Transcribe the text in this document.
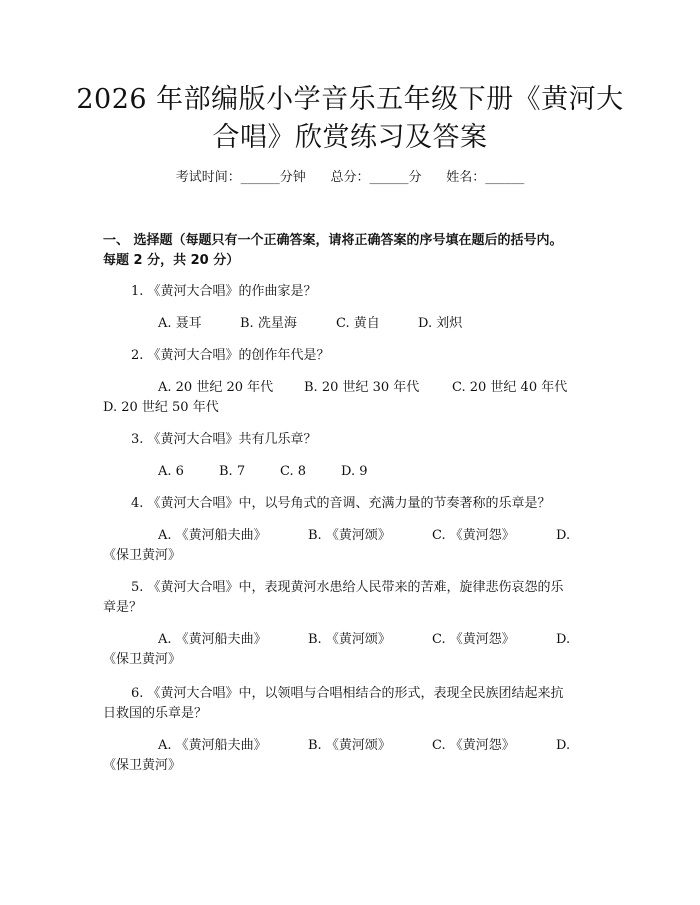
2026 年部编版小学音乐五年级下册《黄河大
合唱》欣赏练习及答案
考试时间：______分钟      总分：______分      姓名：______
一、 选择题（每题只有一个正确答案，请将正确答案的序号填在题后的括号内。
每题 2 分，共 20 分）
1. 《黄河大合唱》的作曲家是？
A. 聂耳	B. 冼星海	C. 黄自	D. 刘炽
2. 《黄河大合唱》的创作年代是？
A. 20 世纪 20 年代 B. 20 世纪 30 年代	C. 20 世纪 40 年代
D. 20 世纪 50 年代
3. 《黄河大合唱》共有几乐章？
A. 6	B. 7	C. 8	D. 9
4. 《黄河大合唱》中，以号角式的音调、充满力量的节奏著称的乐章是？
A. 《黄河船夫曲》	B. 《黄河颂》	C. 《黄河怨》	D.
《保卫黄河》
5. 《黄河大合唱》中，表现黄河水患给人民带来的苦难，旋律悲伤哀怨的乐
章是？
A. 《黄河船夫曲》	B. 《黄河颂》	C. 《黄河怨》	D.
《保卫黄河》
6. 《黄河大合唱》中，以领唱与合唱相结合的形式，表现全民族团结起来抗
日救国的乐章是？
A. 《黄河船夫曲》	B. 《黄河颂》	C. 《黄河怨》	D.
《保卫黄河》
